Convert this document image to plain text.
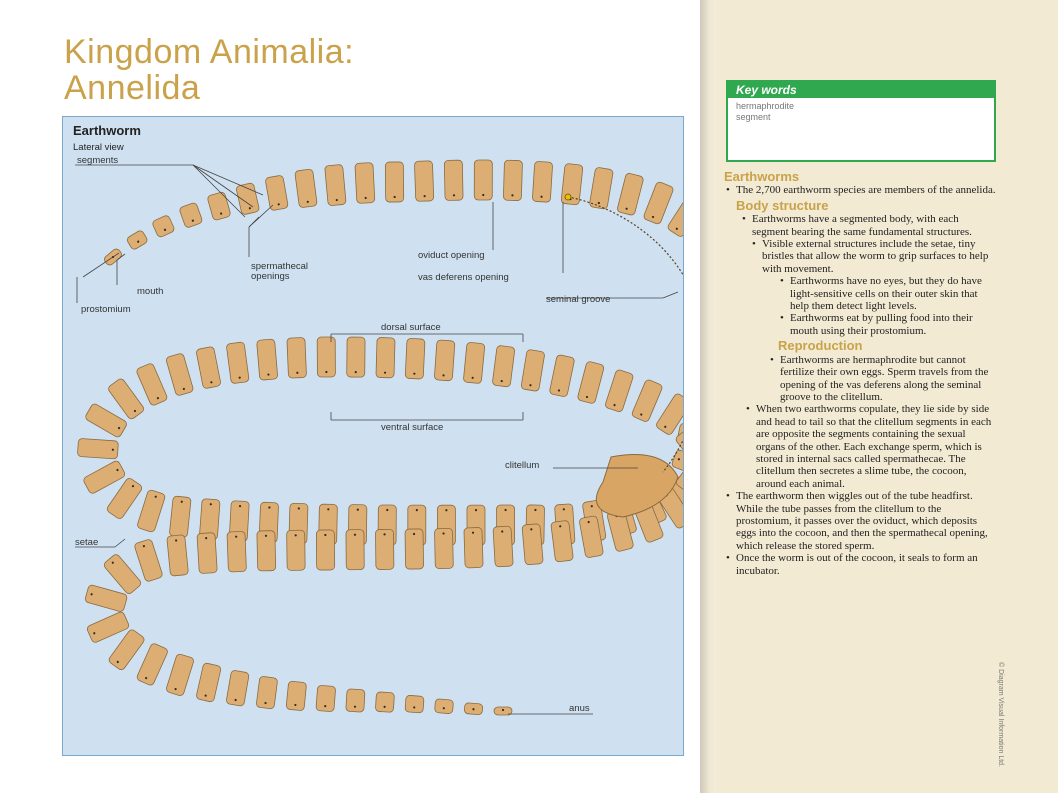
Kingdom Animalia:
Annelida
Earthworm
Lateral view
segments
spermathecal
openings
mouth
prostomium
oviduct opening
vas deferens opening
seminal groove
dorsal surface
ventral surface
clitellum
setae
anus
Key words
hermaphrodite
segment
Earthworms

• The 2,700 earthworm species are members of the annelida.

Body structure

• Earthworms have a segmented body, with each segment bearing the same fundamental structures.

• Visible external structures include the setae, tiny bristles that allow the worm to grip surfaces to help with movement.

• Earthworms have no eyes, but they do have light-sensitive cells on their outer skin that help them detect light levels.

• Earthworms eat by pulling food into their mouth using their prostomium.

Reproduction

• Earthworms are hermaphrodite but cannot fertilize their own eggs. Sperm travels from the opening of the vas deferens along the seminal groove to the clitellum.

• When two earthworms copulate, they lie side by side and head to tail so that the clitellum segments in each are opposite the segments containing the sexual organs of the other. Each exchange sperm, which is stored in internal sacs called spermathecae. The clitellum then secretes a slime tube, the cocoon, around each animal.

• The earthworm then wiggles out of the tube headfirst. While the tube passes from the clitellum to the prostomium, it passes over the oviduct, which deposits eggs into the cocoon, and then the spermathecal opening, which release the stored sperm.

• Once the worm is out of the cocoon, it seals to form an incubator.

© Diagram Visual Information Ltd.
